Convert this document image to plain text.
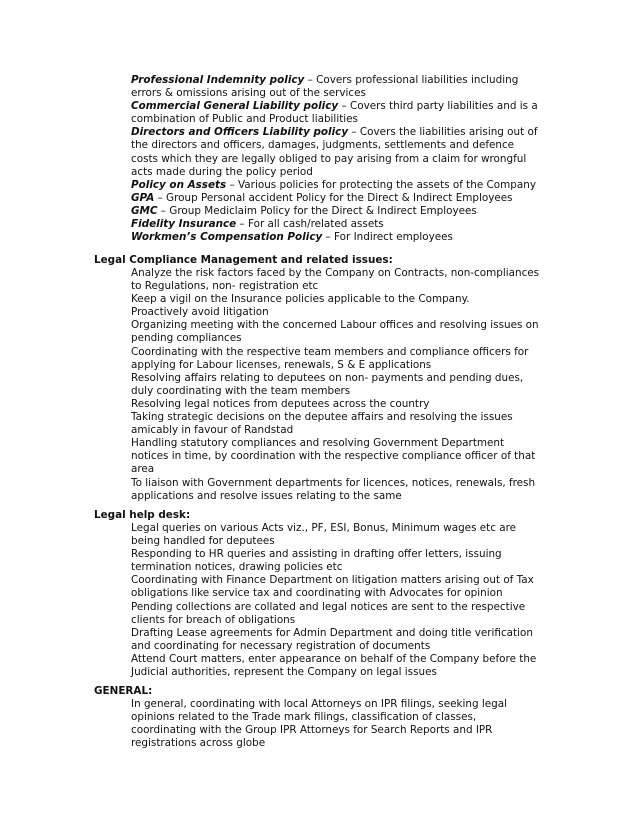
Professional Indemnity policy – Covers professional liabilities including
errors & omissions arising out of the services
Commercial General Liability policy – Covers third party liabilities and is a
combination of Public and Product liabilities
Directors and Officers Liability policy – Covers the liabilities arising out of
the directors and officers, damages, judgments, settlements and defence
costs which they are legally obliged to pay arising from a claim for wrongful
acts made during the policy period
Policy on Assets – Various policies for protecting the assets of the Company
GPA – Group Personal accident Policy for the Direct & Indirect Employees
GMC – Group Mediclaim Policy for the Direct & Indirect Employees
Fidelity Insurance – For all cash/related assets
Workmen’s Compensation Policy – For Indirect employees
Legal Compliance Management and related issues:
Analyze the risk factors faced by the Company on Contracts, non-compliances
to Regulations, non- registration etc
Keep a vigil on the Insurance policies applicable to the Company.
Proactively avoid litigation
Organizing meeting with the concerned Labour offices and resolving issues on
pending compliances
Coordinating with the respective team members and compliance officers for
applying for Labour licenses, renewals, S & E applications
Resolving affairs relating to deputees on non- payments and pending dues,
duly coordinating with the team members
Resolving legal notices from deputees across the country
Taking strategic decisions on the deputee affairs and resolving the issues
amicably in favour of Randstad
Handling statutory compliances and resolving Government Department
notices in time, by coordination with the respective compliance officer of that
area
To liaison with Government departments for licences, notices, renewals, fresh
applications and resolve issues relating to the same
Legal help desk:
Legal queries on various Acts viz., PF, ESI, Bonus, Minimum wages etc are
being handled for deputees
Responding to HR queries and assisting in drafting offer letters, issuing
termination notices, drawing policies etc
Coordinating with Finance Department on litigation matters arising out of Tax
obligations like service tax and coordinating with Advocates for opinion
Pending collections are collated and legal notices are sent to the respective
clients for breach of obligations
Drafting Lease agreements for Admin Department and doing title verification
and coordinating for necessary registration of documents
Attend Court matters, enter appearance on behalf of the Company before the
Judicial authorities, represent the Company on legal issues
GENERAL:
In general, coordinating with local Attorneys on IPR filings, seeking legal
opinions related to the Trade mark filings, classification of classes,
coordinating with the Group IPR Attorneys for Search Reports and IPR
registrations across globe
